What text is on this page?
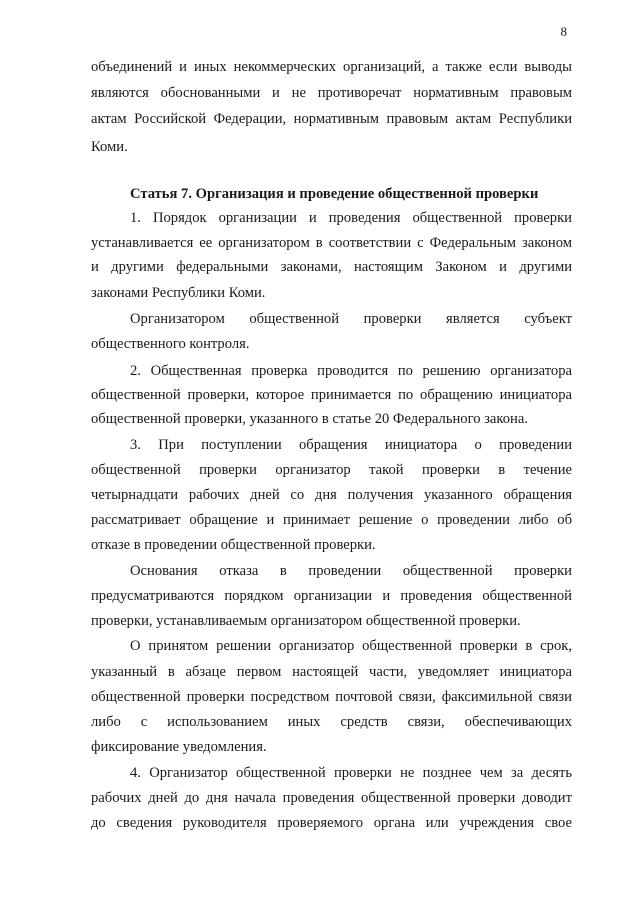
8
объединений и иных некоммерческих организаций, а также если выводы
являются обоснованными и не противоречат нормативным правовым
актам Российской Федерации, нормативным правовым актам Республики
Коми.
Статья 7. Организация и проведение общественной проверки
1. Порядок организации и проведения общественной проверки
устанавливается ее организатором в соответствии с Федеральным законом
и другими федеральными законами, настоящим Законом и другими
законами Республики Коми.
Организатором общественной проверки является субъект
общественного контроля.
2. Общественная проверка проводится по решению организатора
общественной проверки, которое принимается по обращению инициатора
общественной проверки, указанного в статье 20 Федерального закона.
3. При поступлении обращения инициатора о проведении
общественной проверки организатор такой проверки в течение
четырнадцати рабочих дней со дня получения указанного обращения
рассматривает обращение и принимает решение о проведении либо об
отказе в проведении общественной проверки.
Основания отказа в проведении общественной проверки
предусматриваются порядком организации и проведения общественной
проверки, устанавливаемым организатором общественной проверки.
О принятом решении организатор общественной проверки в срок,
указанный в абзаце первом настоящей части, уведомляет инициатора
общественной проверки посредством почтовой связи, факсимильной связи
либо с использованием иных средств связи, обеспечивающих
фиксирование уведомления.
4. Организатор общественной проверки не позднее чем за десять
рабочих дней до дня начала проведения общественной проверки доводит
до сведения руководителя проверяемого органа или учреждения свое
